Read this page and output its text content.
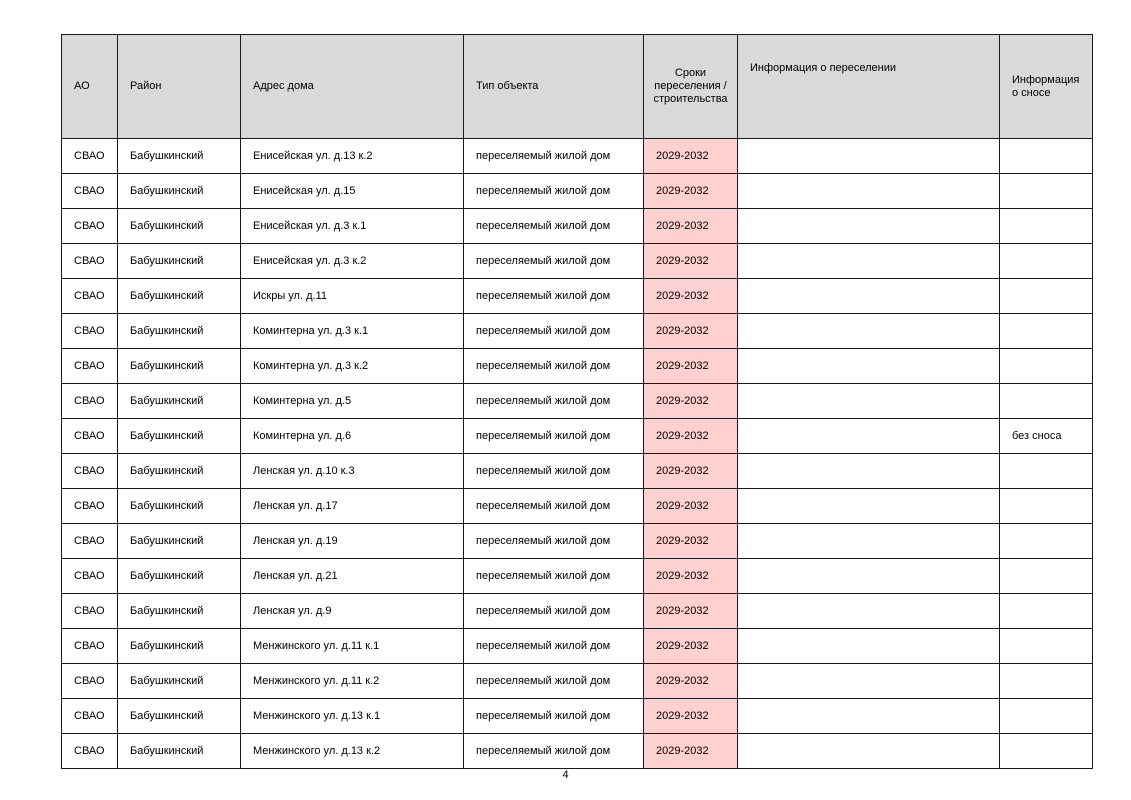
АО	Район	Адрес дома	Тип объекта	Сроки переселения / строительства	Информация о переселении	Информация о сносе
СВАО	Бабушкинский	Енисейская ул. д.13 к.2	переселяемый жилой дом	2029-2032		
СВАО	Бабушкинский	Енисейская ул. д.15	переселяемый жилой дом	2029-2032		
СВАО	Бабушкинский	Енисейская ул. д.3 к.1	переселяемый жилой дом	2029-2032		
СВАО	Бабушкинский	Енисейская ул. д.3 к.2	переселяемый жилой дом	2029-2032		
СВАО	Бабушкинский	Искры ул. д.11	переселяемый жилой дом	2029-2032		
СВАО	Бабушкинский	Коминтерна ул. д.3 к.1	переселяемый жилой дом	2029-2032		
СВАО	Бабушкинский	Коминтерна ул. д.3 к.2	переселяемый жилой дом	2029-2032		
СВАО	Бабушкинский	Коминтерна ул. д.5	переселяемый жилой дом	2029-2032		
СВАО	Бабушкинский	Коминтерна ул. д.6	переселяемый жилой дом	2029-2032		без сноса
СВАО	Бабушкинский	Ленская ул. д.10 к.3	переселяемый жилой дом	2029-2032		
СВАО	Бабушкинский	Ленская ул. д.17	переселяемый жилой дом	2029-2032		
СВАО	Бабушкинский	Ленская ул. д.19	переселяемый жилой дом	2029-2032		
СВАО	Бабушкинский	Ленская ул. д.21	переселяемый жилой дом	2029-2032		
СВАО	Бабушкинский	Ленская ул. д.9	переселяемый жилой дом	2029-2032		
СВАО	Бабушкинский	Менжинского ул. д.11 к.1	переселяемый жилой дом	2029-2032		
СВАО	Бабушкинский	Менжинского ул. д.11 к.2	переселяемый жилой дом	2029-2032		
СВАО	Бабушкинский	Менжинского ул. д.13 к.1	переселяемый жилой дом	2029-2032		
СВАО	Бабушкинский	Менжинского ул. д.13 к.2	переселяемый жилой дом	2029-2032		
4
